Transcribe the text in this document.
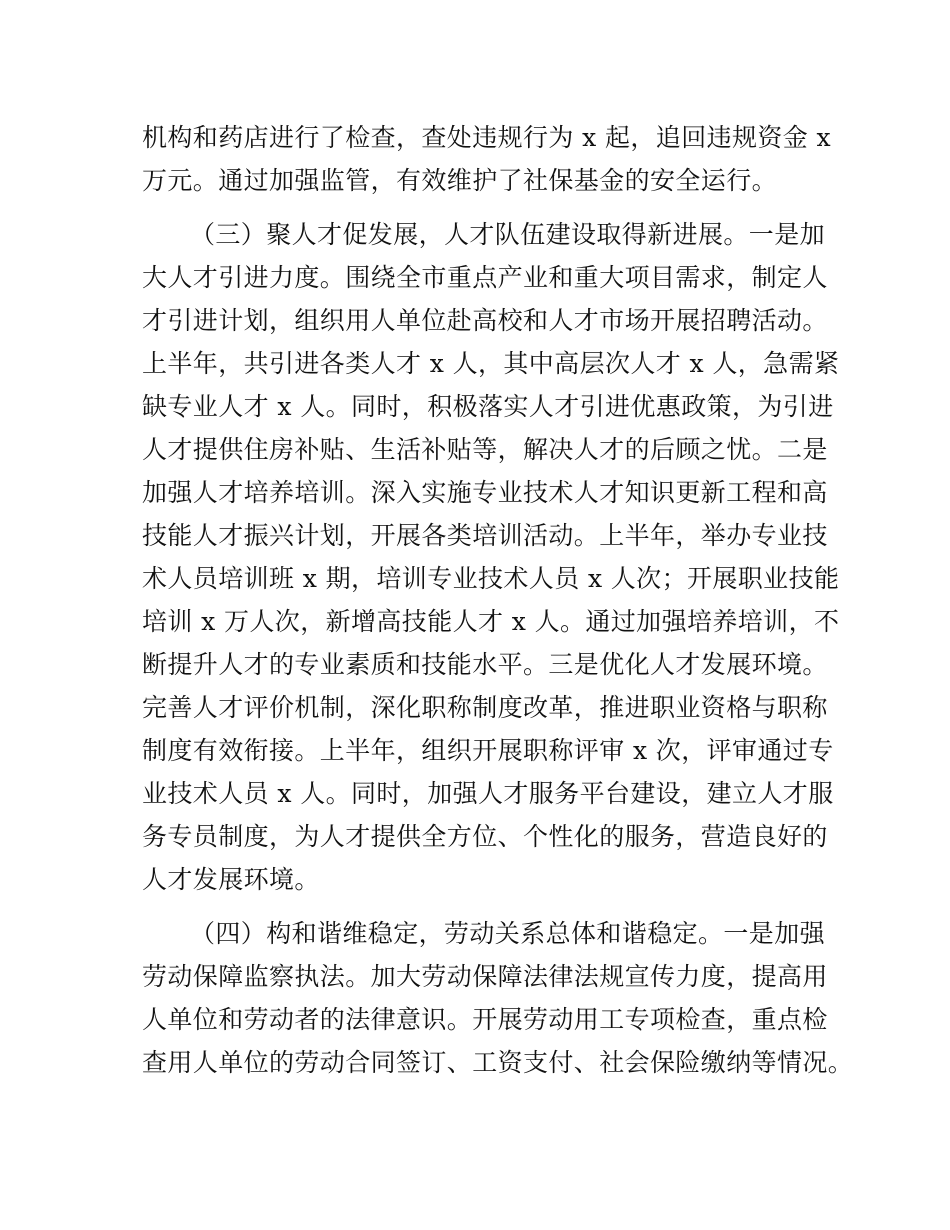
机构和药店进行了检查，查处违规行为 x 起，追回违规资金 x
万元。通过加强监管，有效维护了社保基金的安全运行。
（三）聚人才促发展，人才队伍建设取得新进展。一是加
大人才引进力度。围绕全市重点产业和重大项目需求，制定人
才引进计划，组织用人单位赴高校和人才市场开展招聘活动。
上半年，共引进各类人才 x 人，其中高层次人才 x 人，急需紧
缺专业人才 x 人。同时，积极落实人才引进优惠政策，为引进
人才提供住房补贴、生活补贴等，解决人才的后顾之忧。二是
加强人才培养培训。深入实施专业技术人才知识更新工程和高
技能人才振兴计划，开展各类培训活动。上半年，举办专业技
术人员培训班 x 期，培训专业技术人员 x 人次；开展职业技能
培训 x 万人次，新增高技能人才 x 人。通过加强培养培训，不
断提升人才的专业素质和技能水平。三是优化人才发展环境。
完善人才评价机制，深化职称制度改革，推进职业资格与职称
制度有效衔接。上半年，组织开展职称评审 x 次，评审通过专
业技术人员 x 人。同时，加强人才服务平台建设，建立人才服
务专员制度，为人才提供全方位、个性化的服务，营造良好的
人才发展环境。
（四）构和谐维稳定，劳动关系总体和谐稳定。一是加强
劳动保障监察执法。加大劳动保障法律法规宣传力度，提高用
人单位和劳动者的法律意识。开展劳动用工专项检查，重点检
查用人单位的劳动合同签订、工资支付、社会保险缴纳等情况。
